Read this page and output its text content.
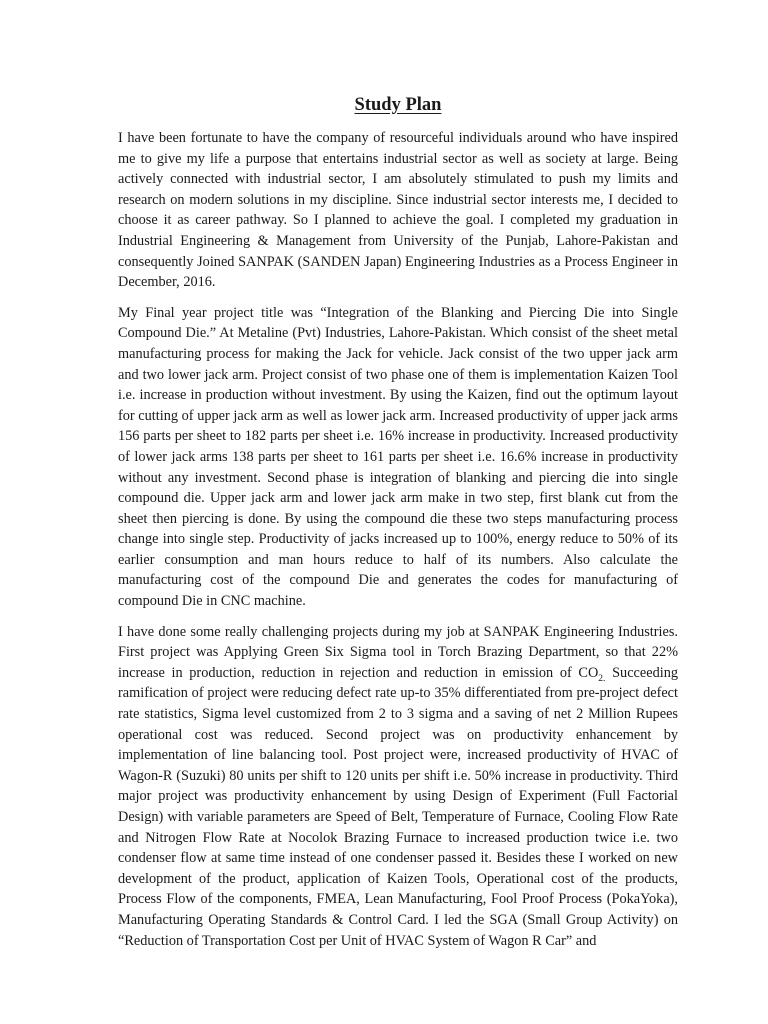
Study Plan

I have been fortunate to have the company of resourceful individuals around who have inspired me to give my life a purpose that entertains industrial sector as well as society at large. Being actively connected with industrial sector, I am absolutely stimulated to push my limits and research on modern solutions in my discipline. Since industrial sector interests me, I decided to choose it as career pathway. So I planned to achieve the goal. I completed my graduation in Industrial Engineering & Management from University of the Punjab, Lahore-Pakistan and consequently Joined SANPAK (SANDEN Japan) Engineering Industries as a Process Engineer in December, 2016.

My Final year project title was “Integration of the Blanking and Piercing Die into Single Compound Die.” At Metaline (Pvt) Industries, Lahore-Pakistan. Which consist of the sheet metal manufacturing process for making the Jack for vehicle. Jack consist of the two upper jack arm and two lower jack arm. Project consist of two phase one of them is implementation Kaizen Tool i.e. increase in production without investment. By using the Kaizen, find out the optimum layout for cutting of upper jack arm as well as lower jack arm. Increased productivity of upper jack arms 156 parts per sheet to 182 parts per sheet i.e. 16% increase in productivity. Increased productivity of lower jack arms 138 parts per sheet to 161 parts per sheet i.e. 16.6% increase in productivity without any investment. Second phase is integration of blanking and piercing die into single compound die. Upper jack arm and lower jack arm make in two step, first blank cut from the sheet then piercing is done. By using the compound die these two steps manufacturing process change into single step. Productivity of jacks increased up to 100%, energy reduce to 50% of its earlier consumption and man hours reduce to half of its numbers. Also calculate the manufacturing cost of the compound Die and generates the codes for manufacturing of compound Die in CNC machine.

I have done some really challenging projects during my job at SANPAK Engineering Industries. First project was Applying Green Six Sigma tool in Torch Brazing Department, so that 22% increase in production, reduction in rejection and reduction in emission of $CO_{2.}$ Succeeding ramification of project were reducing defect rate up-to 35% differentiated from pre-project defect rate statistics, Sigma level customized from 2 to 3 sigma and a saving of net 2 Million Rupees operational cost was reduced. Second project was on productivity enhancement by implementation of line balancing tool. Post project were, increased productivity of HVAC of Wagon-R (Suzuki) 80 units per shift to 120 units per shift i.e. 50% increase in productivity. Third major project was productivity enhancement by using Design of Experiment (Full Factorial Design) with variable parameters are Speed of Belt, Temperature of Furnace, Cooling Flow Rate and Nitrogen Flow Rate at Nocolok Brazing Furnace to increased production twice i.e. two condenser flow at same time instead of one condenser passed it. Besides these I worked on new development of the product, application of Kaizen Tools, Operational cost of the products, Process Flow of the components, FMEA, Lean Manufacturing, Fool Proof Process (PokaYoka), Manufacturing Operating Standards & Control Card. I led the SGA (Small Group Activity) on “Reduction of Transportation Cost per Unit of HVAC System of Wagon R Car” and
